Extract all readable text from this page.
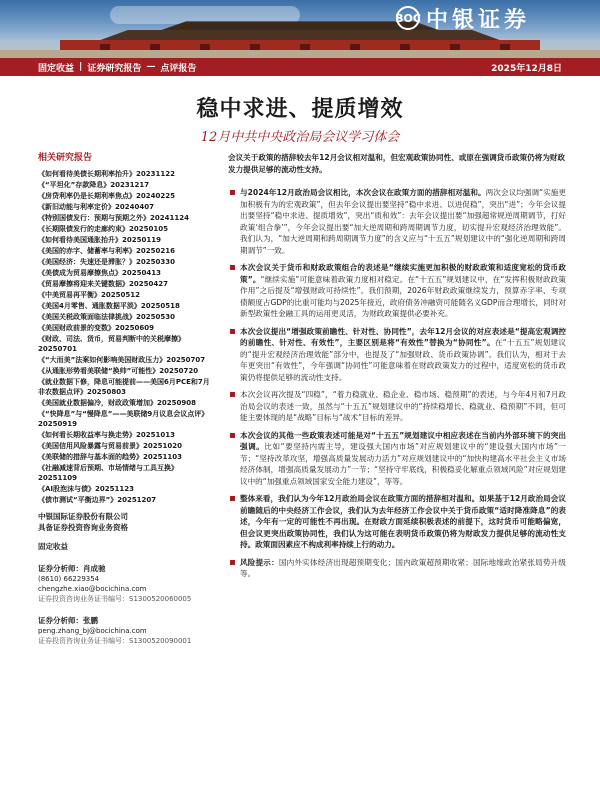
BOC 中银证券
固定收益 | 证券研究报告 — 点评报告	2025年12月8日
稳中求进、提质增效
12月中共中央政治局会议学习体会
相关研究报告
《如何看待美债长期利率抬升》20231122
《“平坦化”存款降息》20231217
《房贷利率仍是长期利率焦点》20240225
《新旧动能与利率定价》20240407
《特别国债发行：预期与预期之外》20241124
《长期限债发行的走廊约束》20250105
《如何看待美国通胀抬升》20250119
《美国的赤字、储蓄率与利率》20250216
《美国经济：失速还是滞胀？》20250330
《美债成为贸易摩擦焦点》20250413
《贸易摩擦将迎来关键数据》20250427
《中美贸易再平衡》20250512
《美国4月零售、通胀数据平淡》20250518
《美国关税政策面临法律挑战》20250530
《美国财政前景的变数》20250609
《财政、司法、货币，贸易判断中的关税摩擦》20250701
《“大而美”法案如何影响美国财政压力》20250707
《从通胀形势看美联储“换帅”可能性》20250720
《就业数据下修，降息可能提前——美国6月PCE和7月非农数据点评》20250803
《美国就业数据偏冷，财政政策增加》20250908
《“快降息”与“慢降息”——美联储9月议息会议点评》20250919
《如何看长期收益率与换走势》20251013
《美国信用风险暴露与贸易前景》20251020
《美联储的措辞与基本面的趋势》20251103
《社融减速背后预期、市场情绪与工具互换》20251109
《AI股泡沫与债》20251123
《债市测试“平衡边界”》20251207
中银国际证券股份有限公司
具备证券投资咨询业务资格
固定收益
证券分析师：肖成驰
(8610) 66229354
chengzhe.xiao@bocichina.com
证券投资咨询业务证书编号：S1300520060005
证券分析师：张鹏
peng.zhang_bj@bocichina.com
证券投资咨询业务证书编号：S1300520090001
会议关于政策的措辞较去年12月会议相对温和，但宏观政策协同性、或原在强调货币政策仍将为财政发力提供足够的流动性支持。
与2024年12月政治局会议相比，本次会议在政策方面的措辞相对温和。两次会议均强调“实施更加积极有为的宏观政策”，但去年会议提出要坚持“稳中求进、以进促稳”，突出“进”；今年会议提出要坚持“稳中求进、提质增效”，突出“质和效”：去年会议提出要“加强超常规逆周期调节，打好政策‘组合拳’”，今年会议提出要“加大逆周期和跨周期调节力度，切实提升宏观经济治理效能”。我们认为，“加大逆周期和跨周期调节力度”的含义应与“十五五”规划建议中的“强化逆周期和跨周期调节”一致。
本次会议关于货币和财政政策组合的表述是“继续实施更加积极的财政政策和适度宽松的货币政策”。“继续实施”可能意味着政策力度相对稳定。在“十五五”规划建议中，在“发挥积极财政政策作用”之后提及“增强财政可持续性”。我们预期，2026年财政政策继续发力，预算赤字率、专项债额度占GDP的比重可能均与2025年接近，政府债务冲融资可能随名义GDP而合理增长，同时对新型政策性金融工具的运用更灵活，为财政政策提供必要补充。
本次会议提出“增强政策前瞻性、针对性、协同性”，去年12月会议的对应表述是“提高宏观调控的前瞻性、针对性、有效性”，主要区别是将“有效性”替换为“协同性”。在“十五五”规划建议的“提升宏观经济治理效能”部分中，也提及了“加强财政、货币政策协调”。我们认为，相对于去年更突出“有效性”，今年强调“协同性”可能意味着在财政政策发力的过程中，适度宽松的货币政策仍将提供足够的流动性支持。
本次会议再次提及“四稳”，“着力稳就业、稳企业、稳市场、稳预期”的表述，与今年4月和7月政治局会议的表述一致，虽然与“十五五”规划建议中的“持续稳增长、稳就业、稳预期”不同，但可能主要体现的是“战略”目标与“战术”目标的差异。
本次会议的其他一些政策表述可能是对“十五五”规划建议中相应表述在当前内外部环境下的突出强调。比如“要坚持内需主导，建设强大国内市场”对应规划建议中的“建设强大国内市场”一节；“坚持改革攻坚，增强高质量发展动力活力”对应规划建议中的“加快构建高水平社会主义市场经济体制，增强高质量发展动力”一节；“坚持守牢底线，积极稳妥化解重点领域风险”对应规划建议中的“加强重点领域国家安全能力建设”，等等。
整体来看，我们认为今年12月政治局会议在政策方面的措辞相对温和。如果基于12月政治局会议前瞻随后的中央经济工作会议，我们认为去年经济工作会议中关于货币政策“适时降准降息”的表述，今年有一定的可能性不再出现。在财政方面延续积极表述的前提下，这时货币可能略偏宽，但会议更突出政策协同性，我们认为这可能在表明货币政策仍将为财政发力提供足够的流动性支持。政策面因素应不构成利率持续上行的动力。
风险提示：国内外实体经济出现超预期变化；国内政策超预期收紧；国际地缘政治紧张局势升级等。
